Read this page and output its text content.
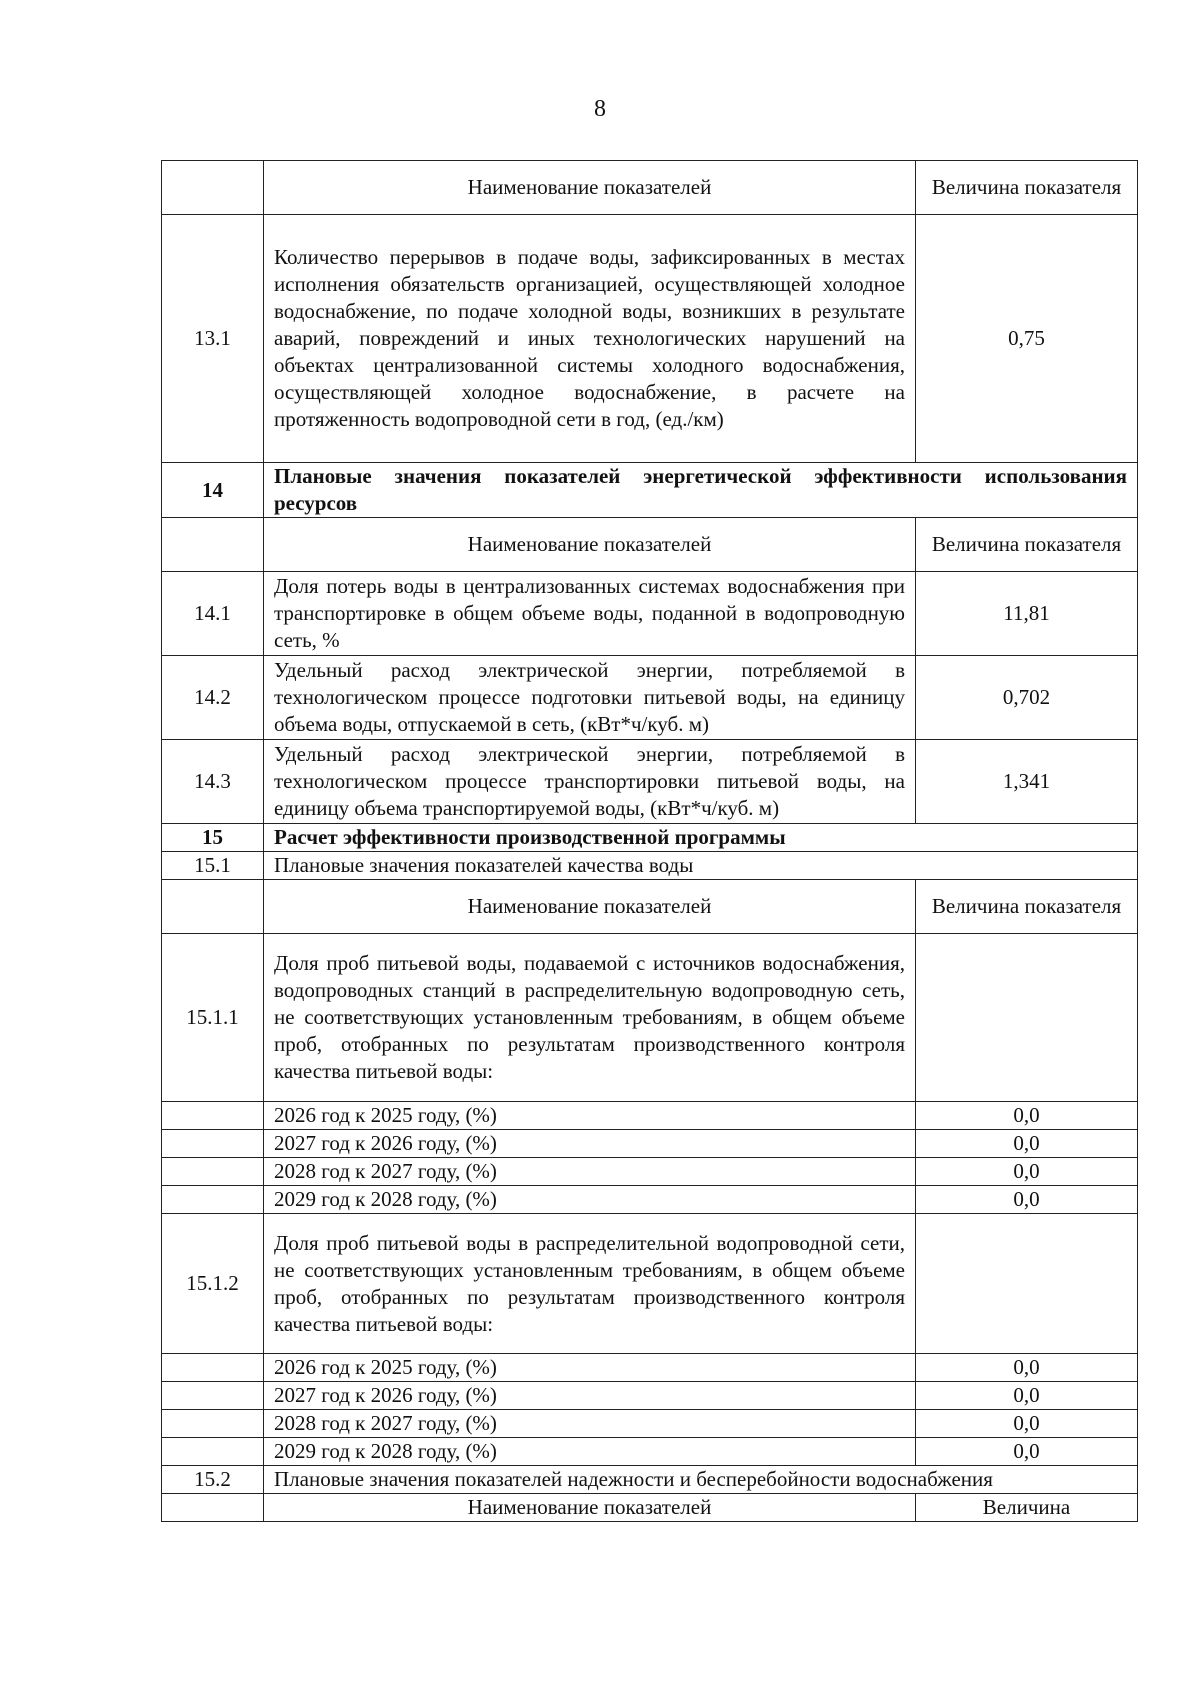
8
	Наименование показателей	Величина показателя
13.1	Количество перерывов в подаче воды, зафиксированных в местах исполнения обязательств организацией, осуществляющей холодное водоснабжение, по подаче холодной воды, возникших в результате аварий, повреждений и иных технологических нарушений на объектах централизованной системы холодного водоснабжения, осуществляющей холодное водоснабжение, в расчете на протяженность водопроводной сети в год, (ед./км)	0,75
14	Плановые значения показателей энергетической эффективности использования ресурсов	
	Наименование показателей	Величина показателя
14.1	Доля потерь воды в централизованных системах водоснабжения при транспортировке в общем объеме воды, поданной в водопроводную сеть, %	11,81
14.2	Удельный расход электрической энергии, потребляемой в технологическом процессе подготовки питьевой воды, на единицу объема воды, отпускаемой в сеть, (кВт*ч/куб. м)	0,702
14.3	Удельный расход электрической энергии, потребляемой в технологическом процессе транспортировки питьевой воды, на единицу объема транспортируемой воды, (кВт*ч/куб. м)	1,341
15	Расчет эффективности производственной программы	
15.1	Плановые значения показателей качества воды	
	Наименование показателей	Величина показателя
15.1.1	Доля проб питьевой воды, подаваемой с источников водоснабжения, водопроводных станций в распределительную водопроводную сеть, не соответствующих установленным требованиям, в общем объеме проб, отобранных по результатам производственного контроля качества питьевой воды:	
	2026 год к 2025 году, (%)	0,0
	2027 год к 2026 году, (%)	0,0
	2028 год к 2027 году, (%)	0,0
	2029 год к 2028 году, (%)	0,0
15.1.2	Доля проб питьевой воды в распределительной водопроводной сети, не соответствующих установленным требованиям, в общем объеме проб, отобранных по результатам производственного контроля качества питьевой воды:	
	2026 год к 2025 году, (%)	0,0
	2027 год к 2026 году, (%)	0,0
	2028 год к 2027 году, (%)	0,0
	2029 год к 2028 году, (%)	0,0
15.2	Плановые значения показателей надежности и бесперебойности водоснабжения	
	Наименование показателей	Величина
